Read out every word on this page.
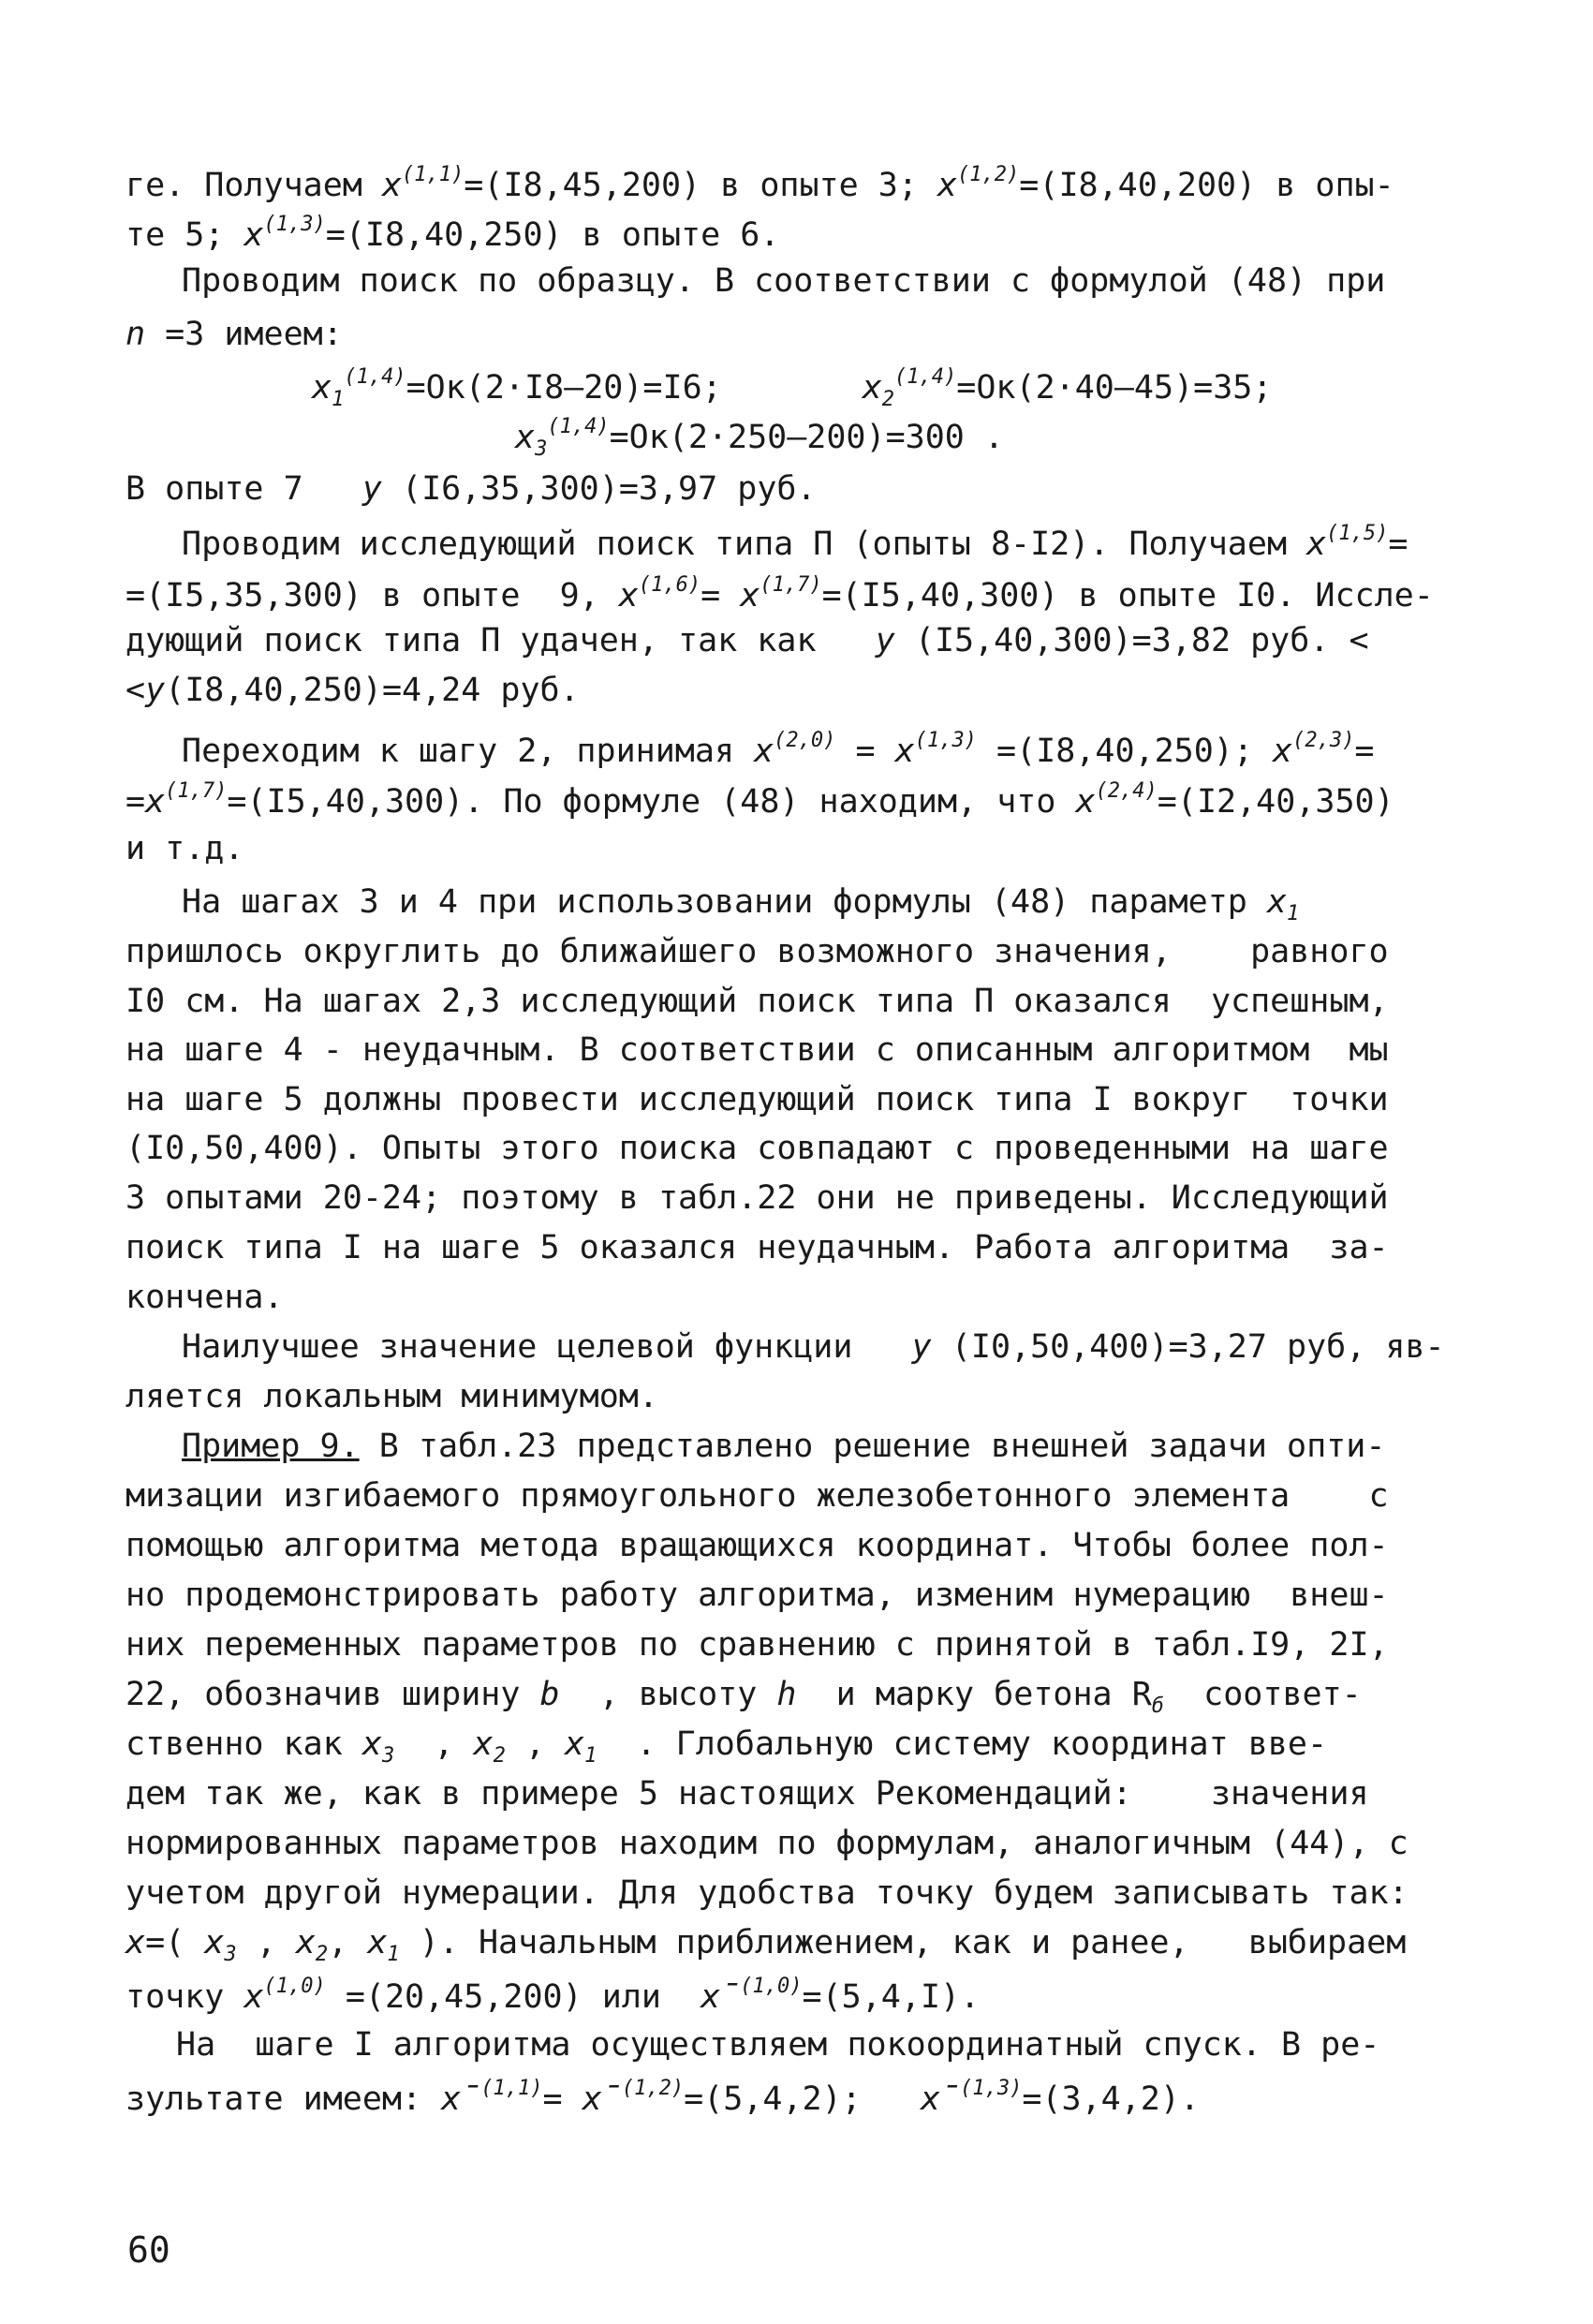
ге. Получаем $х^{(1,1)}=(I8,45,200)$ в опыте 3; $х^{(1,2)}=(I8,40,200)$ в опы-
те 5; $х^{(1,3)}=(I8,40,250)$ в опыте 6.
Проводим поиск по образцу. В соответствии с формулой (48) при
n =3 имеем:
$х_1^{(1,4)}=Ок(2\cdot I8-20)=I6$;	$х_2^{(1,4)}=Ок(2\cdot 40-45)=35$;
$х_3^{(1,4)}=Ок(2\cdot 250-200)=300$ .
В опыте 7   у (I6,35,300)=3,97 руб.
Проводим исследующий поиск типа П (опыты 8-I2). Получаем $х^{(1,5)}=$
=(I5,35,300) в опыте  9, $х^{(1,6)}= х^{(1,7)}=(I5,40,300)$ в опыте I0. Иссле-
дующий поиск типа П удачен, так как   у (I5,40,300)=3,82 руб. <
<у(I8,40,250)=4,24 руб.
Переходим к шагу 2, принимая $х^{(2,0)} = х^{(1,3)} =(I8,40,250)$; $х^{(2,3)}=$
$=х^{(1,7)}=(I5,40,300)$. По формуле (48) находим, что $х^{(2,4)}=(I2,40,350)$
и т.д.
На шагах 3 и 4 при использовании формулы (48) параметр $х_1$
пришлось округлить до ближайшего возможного значения,    равного
I0 см. На шагах 2,3 исследующий поиск типа П оказался  успешным,
на шаге 4 - неудачным. В соответствии с описанным алгоритмом  мы
на шаге 5 должны провести исследующий поиск типа I вокруг  точки
(I0,50,400). Опыты этого поиска совпадают с проведенными на шаге
3 опытами 20-24; поэтому в табл.22 они не приведены. Исследующий
поиск типа I на шаге 5 оказался неудачным. Работа алгоритма  за-
кончена.
Наилучшее значение целевой функции   у (I0,50,400)=3,27 руб, яв-
ляется локальным минимумом.
Пример 9. В табл.23 представлено решение внешней задачи опти-
мизации изгибаемого прямоугольного железобетонного элемента    с
помощью алгоритма метода вращающихся координат. Чтобы более пол-
но продемонстрировать работу алгоритма, изменим нумерацию  внеш-
них переменных параметров по сравнению с принятой в табл.I9, 2I,
22, обозначив ширину b  , высоту h  и марку бетона $R_б$  соответ-
ственно как $х_3$  , $х_2$ , $х_1$  . Глобальную систему координат вве-
дем так же, как в примере 5 настоящих Рекомендаций:    значения
нормированных параметров находим по формулам, аналогичным (44), с
учетом другой нумерации. Для удобства точку будем записывать так:
х=( $х_3$ , $х_2$, $х_1$ ). Начальным приближением, как и ранее,   выбираем
точку $х^{(1,0)} =(20,45,200)$ или  х̄$^{(1,0)}$=(5,4,I).
На  шаге I алгоритма осуществляем покоординатный спуск. В ре-
зультате имеем: х̄$^{(1,1)}$= х̄$^{(1,2)}$=(5,4,2);   х̄$^{(1,3)}$=(3,4,2).
60
